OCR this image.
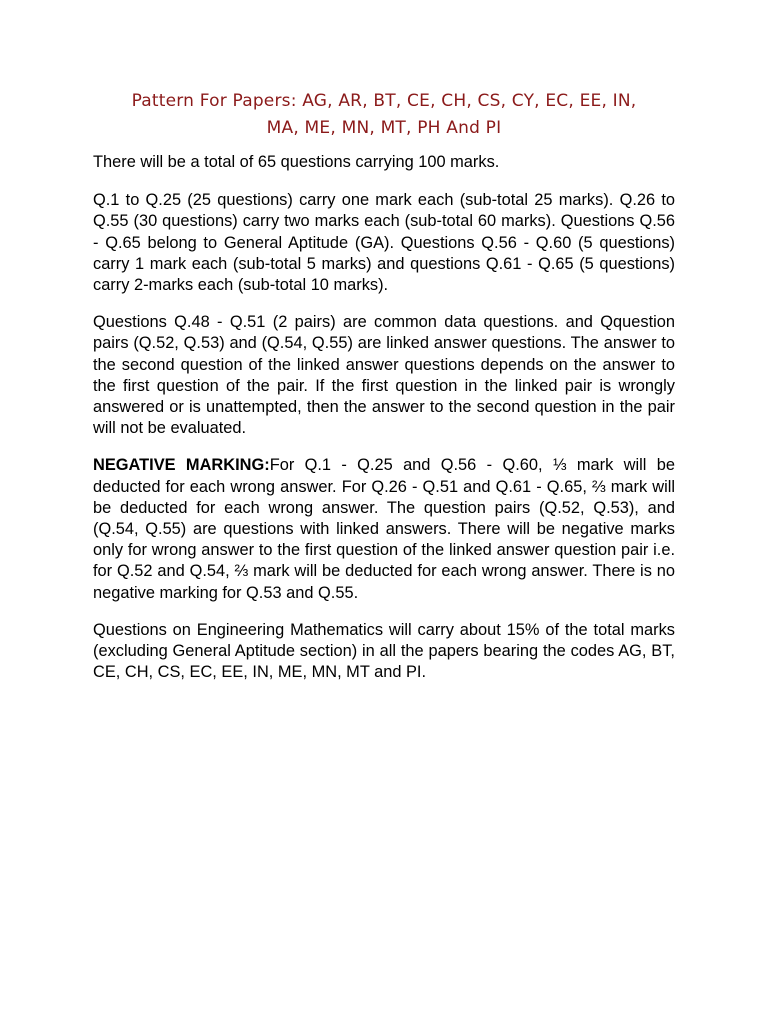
Pattern For Papers: AG, AR, BT, CE, CH, CS, CY, EC, EE, IN,
MA, ME, MN, MT, PH And PI

There will be a total of 65 questions carrying 100 marks.

Q.1 to Q.25 (25 questions) carry one mark each (sub-total 25 marks). Q.26 to Q.55 (30 questions) carry two marks each (sub-total 60 marks). Questions Q.56 - Q.65 belong to General Aptitude (GA). Questions Q.56 - Q.60 (5 questions) carry 1 mark each (sub-total 5 marks) and questions Q.61 - Q.65 (5 questions) carry 2-marks each (sub-total 10 marks).

Questions Q.48 - Q.51 (2 pairs) are common data questions. and Qquestion pairs (Q.52, Q.53) and (Q.54, Q.55) are linked answer questions. The answer to the second question of the linked answer questions depends on the answer to the first question of the pair. If the first question in the linked pair is wrongly answered or is unattempted, then the answer to the second question in the pair will not be evaluated.

NEGATIVE MARKING:For Q.1 - Q.25 and Q.56 - Q.60, ⅓ mark will be deducted for each wrong answer. For Q.26 - Q.51 and Q.61 - Q.65, ⅔ mark will be deducted for each wrong answer. The question pairs (Q.52, Q.53), and (Q.54, Q.55) are questions with linked answers. There will be negative marks only for wrong answer to the first question of the linked answer question pair i.e. for Q.52 and Q.54, ⅔ mark will be deducted for each wrong answer. There is no negative marking for Q.53 and Q.55.

Questions on Engineering Mathematics will carry about 15% of the total marks (excluding General Aptitude section) in all the papers bearing the codes AG, BT, CE, CH, CS, EC, EE, IN, ME, MN, MT and PI.
